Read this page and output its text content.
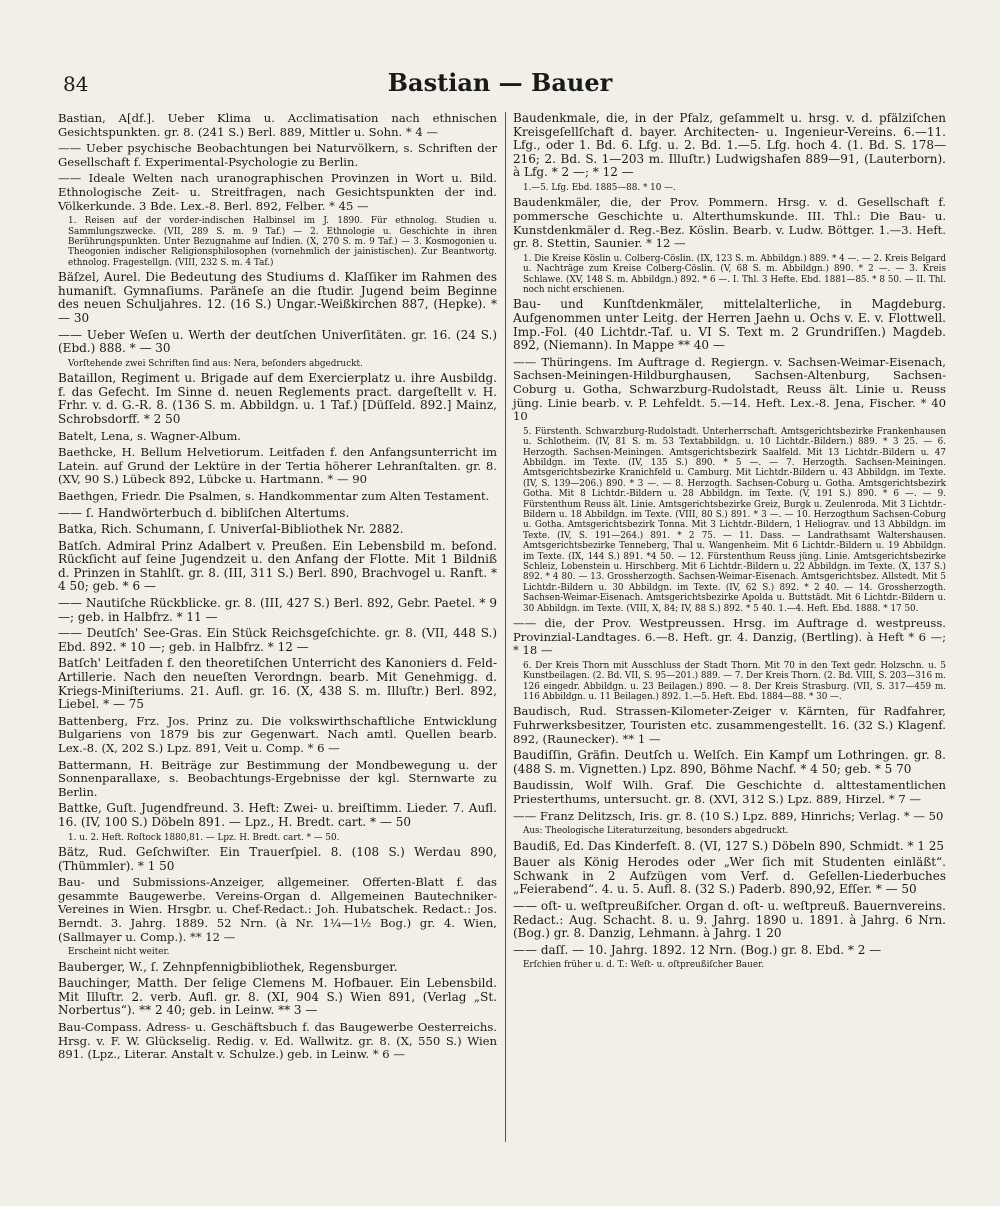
84	Bastian — Bauer
Bastian, A[df.]. Ueber Klima u. Acclimatisation nach ethnischen Gesichtspunkten. gr. 8. (241 S.) Berl. 889, Mittler u. Sohn. * 4 —
—— Ueber psychische Beobachtungen bei Naturvölkern, s. Schriften der Gesellschaft f. Experimental-Psychologie zu Berlin.
—— Ideale Welten nach uranographischen Provinzen in Wort u. Bild. Ethnologische Zeit- u. Streitfragen, nach Gesichtspunkten der ind. Völkerkunde. 3 Bde. Lex.-8. Berl. 892, Felber. * 45 —
1. Reisen auf der vorder-indischen Halbinsel im J. 1890. Für ethnolog. Studien u. Sammlungszwecke. (VII, 289 S. m. 9 Taf.) — 2. Ethnologie u. Geschichte in ihren Berührungspunkten. Unter Bezugnahme auf Indien. (X, 270 S. m. 9 Taf.) — 3. Kosmogonien u. Theogonien indischer Religionsphilosophen (vornehmlich der jainistischen). Zur Beantwortg. ethnolog. Fragestellgn. (VIII, 232 S. m. 4 Taf.)
Bäſzel, Aurel. Die Bedeutung des Studiums d. Klaſſiker im Rahmen des humaniſt. Gymnaſiums. Paräneſe an die ſtudir. Jugend beim Beginne des neuen Schuljahres. 12. (16 S.) Ungar.-Weißkirchen 887, (Hepke). * — 30
—— Ueber Weſen u. Werth der deutſchen Univerſitäten. gr. 16. (24 S.) (Ebd.) 888. * — 30
Vorſtehende zwei Schriften ſind aus: Nera, beſonders abgedruckt.
Bataillon, Regiment u. Brigade auf dem Exercierplatz u. ihre Ausbildg. f. das Gefecht. Im Sinne d. neuen Reglements pract. dargeſtellt v. H. Frhr. v. d. G.-R. 8. (136 S. m. Abbildgn. u. 1 Taf.) [Düſſeld. 892.] Mainz, Schrobsdorff. * 2 50
Batelt, Lena, s. Wagner-Album.
Baethcke, H. Bellum Helvetiorum. Leitfaden f. den Anfangsunterricht im Latein. auf Grund der Lektüre in der Tertia höherer Lehranſtalten. gr. 8. (XV, 90 S.) Lübeck 892, Lübcke u. Hartmann. * — 90
Baethgen, Friedr. Die Psalmen, s. Handkommentar zum Alten Testament.
—— ſ. Handwörterbuch d. bibliſchen Altertums.
Batka, Rich. Schumann, ſ. Univerſal-Bibliothek Nr. 2882.
Batſch. Admiral Prinz Adalbert v. Preußen. Ein Lebensbild m. beſond. Rückſicht auf ſeine Jugendzeit u. den Anfang der Flotte. Mit 1 Bildniß d. Prinzen in Stahlſt. gr. 8. (III, 311 S.) Berl. 890, Brachvogel u. Ranft. * 4 50; geb. * 6 —
—— Nautiſche Rückblicke. gr. 8. (III, 427 S.) Berl. 892, Gebr. Paetel. * 9 —; geb. in Halbfrz. * 11 —
—— Deutſch' See-Gras. Ein Stück Reichsgeſchichte. gr. 8. (VII, 448 S.) Ebd. 892. * 10 —; geb. in Halbfrz. * 12 —
Batſch' Leitfaden f. den theoretiſchen Unterricht des Kanoniers d. Feld-Artillerie. Nach den neueſten Verordngn. bearb. Mit Genehmigg. d. Kriegs-Miniſteriums. 21. Aufl. gr. 16. (X, 438 S. m. Illuſtr.) Berl. 892, Liebel. * — 75
Battenberg, Frz. Jos. Prinz zu. Die volkswirthschaftliche Entwicklung Bulgariens von 1879 bis zur Gegenwart. Nach amtl. Quellen bearb. Lex.-8. (X, 202 S.) Lpz. 891, Veit u. Comp. * 6 —
Battermann, H. Beiträge zur Bestimmung der Mondbewegung u. der Sonnenparallaxe, s. Beobachtungs-Ergebnisse der kgl. Sternwarte zu Berlin.
Battke, Guſt. Jugendfreund. 3. Heft: Zwei- u. breiſtimm. Lieder. 7. Aufl. 16. (IV, 100 S.) Döbeln 891. — Lpz., H. Bredt. cart. * — 50
1. u. 2. Heft. Roſtock 1880,81. — Lpz. H. Bredt. cart. * — 50.
Bätz, Rud. Geſchwiſter. Ein Trauerſpiel. 8. (108 S.) Werdau 890, (Thümmler). * 1 50
Bau- und Submissions-Anzeiger, allgemeiner. Offerten-Blatt f. das gesammte Baugewerbe. Vereins-Organ d. Allgemeinen Bautechniker-Vereines in Wien. Hrsgbr. u. Chef-Redact.: Joh. Hubatschek. Redact.: Jos. Berndt. 3. Jahrg. 1889. 52 Nrn. (à Nr. 1¼—1½ Bog.) gr. 4. Wien, (Sallmayer u. Comp.). ** 12 —
Erscheint nicht weiter.
Bauberger, W., ſ. Zehnpfennigbibliothek, Regensburger.
Bauchinger, Matth. Der ſelige Clemens M. Hofbauer. Ein Lebensbild. Mit Illuſtr. 2. verb. Aufl. gr. 8. (XI, 904 S.) Wien 891, (Verlag „St. Norbertus“). ** 2 40; geb. in Leinw. ** 3 —
Bau-Compass. Adress- u. Geschäftsbuch f. das Baugewerbe Oesterreichs. Hrsg. v. F. W. Glückselig. Redig. v. Ed. Wallwitz. gr. 8. (X, 550 S.) Wien 891. (Lpz., Literar. Anstalt v. Schulze.) geb. in Leinw. * 6 —
Baudenkmale, die, in der Pfalz, geſammelt u. hrsg. v. d. pfälziſchen Kreisgeſellſchaft d. bayer. Architecten- u. Ingenieur-Vereins. 6.—11. Lfg., oder 1. Bd. 6. Lfg. u. 2. Bd. 1.—5. Lfg. hoch 4. (1. Bd. S. 178—216; 2. Bd. S. 1—203 m. Illuſtr.) Ludwigshafen 889—91, (Lauterborn). à Lfg. * 2 —; * 12 —
1.—5. Lfg. Ebd. 1885—88. * 10 —.
Baudenkmäler, die, der Prov. Pommern. Hrsg. v. d. Gesellschaft f. pommersche Geschichte u. Alterthumskunde. III. Thl.: Die Bau- u. Kunstdenkmäler d. Reg.-Bez. Köslin. Bearb. v. Ludw. Böttger. 1.—3. Heft. gr. 8. Stettin, Saunier. * 12 —
1. Die Kreise Köslin u. Colberg-Cöslin. (IX, 123 S. m. Abbildgn.) 889. * 4 —. — 2. Kreis Belgard u. Nachträge zum Kreise Colberg-Cöslin. (V, 68 S. m. Abbildgn.) 890. * 2 —. — 3. Kreis Schlawe. (XV, 148 S. m. Abbildgn.) 892. * 6 —. I. Thl. 3 Hefte. Ebd. 1881—85. * 8 50. — II. Thl. noch nicht erschienen.
Bau- und Kunſtdenkmäler, mittelalterliche, in Magdeburg. Aufgenommen unter Leitg. der Herren Jaehn u. Ochs v. E. v. Flottwell. Imp.-Fol. (40 Lichtdr.-Taf. u. VI S. Text m. 2 Grundriſſen.) Magdeb. 892, (Niemann). In Mappe ** 40 —
—— Thüringens. Im Auftrage d. Regiergn. v. Sachsen-Weimar-Eisenach, Sachsen-Meiningen-Hildburghausen, Sachsen-Altenburg, Sachsen-Coburg u. Gotha, Schwarzburg-Rudolstadt, Reuss ält. Linie u. Reuss jüng. Linie bearb. v. P. Lehfeldt. 5.—14. Heft. Lex.-8. Jena, Fischer. * 40 10
5. Fürstenth. Schwarzburg-Rudolstadt. Unterherrschaft. Amtsgerichtsbezirke Frankenhausen u. Schlotheim. (IV, 81 S. m. 53 Textabbildgn. u. 10 Lichtdr.-Bildern.) 889. * 3 25. — 6. Herzogth. Sachsen-Meiningen. Amtsgerichtsbezirk Saalfeld. Mit 13 Lichtdr.-Bildern u. 47 Abbildgn. im Texte. (IV, 135 S.) 890. * 5 —. — 7. Herzogth. Sachsen-Meiningen. Amtsgerichtsbezirke Kranichfeld u. Camburg. Mit Lichtdr.-Bildern u. 43 Abbildgn. im Texte. (IV, S. 139—206.) 890. * 3 —. — 8. Herzogth. Sachsen-Coburg u. Gotha. Amtsgerichtsbezirk Gotha. Mit 8 Lichtdr.-Bildern u. 28 Abbildgn. im Texte. (V, 191 S.) 890. * 6 —. — 9. Fürstenthum Reuss ält. Linie. Amtsgerichtsbezirke Greiz, Burgk u. Zeulenroda. Mit 3 Lichtdr.-Bildern u. 18 Abbildgn. im Texte. (VIII, 80 S.) 891. * 3 —. — 10. Herzogthum Sachsen-Coburg u. Gotha. Amtsgerichtsbezirk Tonna. Mit 3 Lichtdr.-Bildern, 1 Heliograv. und 13 Abbildgn. im Texte. (IV, S. 191—264.) 891. * 2 75. — 11. Dass. — Landrathsamt Waltershausen. Amtsgerichtsbezirke Tenneberg, Thal u. Wangenheim. Mit 6 Lichtdr.-Bildern u. 19 Abbildgn. im Texte. (IX, 144 S.) 891. *4 50. — 12. Fürstenthum Reuss jüng. Linie. Amtsgerichtsbezirke Schleiz, Lobenstein u. Hirschberg. Mit 6 Lichtdr.-Bildern u. 22 Abbildgn. im Texte. (X, 137 S.) 892. * 4 80. — 13. Grossherzogth. Sachsen-Weimar-Eisenach. Amtsgerichtsbez. Allstedt. Mit 5 Lichtdr.-Bildern u. 30 Abbildgn. im Texte. (IV, 62 S.) 892. * 2 40. — 14. Grossherzogth. Sachsen-Weimar-Eisenach. Amtsgerichtsbezirke Apolda u. Buttstädt. Mit 6 Lichtdr.-Bildern u. 30 Abbildgn. im Texte. (VIII, X, 84; IV, 88 S.) 892. * 5 40. 1.—4. Heft. Ebd. 1888. * 17 50.
—— die, der Prov. Westpreussen. Hrsg. im Auftrage d. westpreuss. Provinzial-Landtages. 6.—8. Heft. gr. 4. Danzig, (Bertling). à Heft * 6 —; * 18 —
6. Der Kreis Thorn mit Ausschluss der Stadt Thorn. Mit 70 in den Text gedr. Holzschn. u. 5 Kunstbeilagen. (2. Bd. VII, S. 95—201.) 889. — 7. Der Kreis Thorn. (2. Bd. VIII, S. 203—316 m. 126 eingedr. Abbildgn. u. 23 Beilagen.) 890. — 8. Der Kreis Strasburg. (VII, S. 317—459 m. 116 Abbildgn. u. 11 Beilagen.) 892. 1.—5. Heft. Ebd. 1884—88. * 30 —.
Baudisch, Rud. Strassen-Kilometer-Zeiger v. Kärnten, für Radfahrer, Fuhrwerksbesitzer, Touristen etc. zusammengestellt. 16. (32 S.) Klagenf. 892, (Raunecker). ** 1 —
Baudiſſin, Gräfin. Deutſch u. Welſch. Ein Kampf um Lothringen. gr. 8. (488 S. m. Vignetten.) Lpz. 890, Böhme Nachf. * 4 50; geb. * 5 70
Baudissin, Wolf Wilh. Graf. Die Geschichte d. alttestamentlichen Priesterthums, untersucht. gr. 8. (XVI, 312 S.) Lpz. 889, Hirzel. * 7 —
—— Franz Delitzsch, Iris. gr. 8. (10 S.) Lpz. 889, Hinrichs; Verlag. * — 50
Aus: Theologische Literaturzeitung, besonders abgedruckt.
Baudiß, Ed. Das Kinderfeſt. 8. (VI, 127 S.) Döbeln 890, Schmidt. * 1 25
Bauer als König Herodes oder „Wer ſich mit Studenten einläßt“. Schwank in 2 Aufzügen vom Verf. d. Geſellen-Liederbuches „Feierabend“. 4. u. 5. Aufl. 8. (32 S.) Paderb. 890,92, Efſer. * — 50
—— oſt- u. weſtpreußiſcher. Organ d. oſt- u. weſtpreuß. Bauernvereins. Redact.: Aug. Schacht. 8. u. 9. Jahrg. 1890 u. 1891. à Jahrg. 6 Nrn. (Bog.) gr. 8. Danzig, Lehmann. à Jahrg. 1 20
—— daſſ. — 10. Jahrg. 1892. 12 Nrn. (Bog.) gr. 8. Ebd. * 2 —
Erſchien früher u. d. T.: Weſt- u. oſtpreußiſcher Bauer.
